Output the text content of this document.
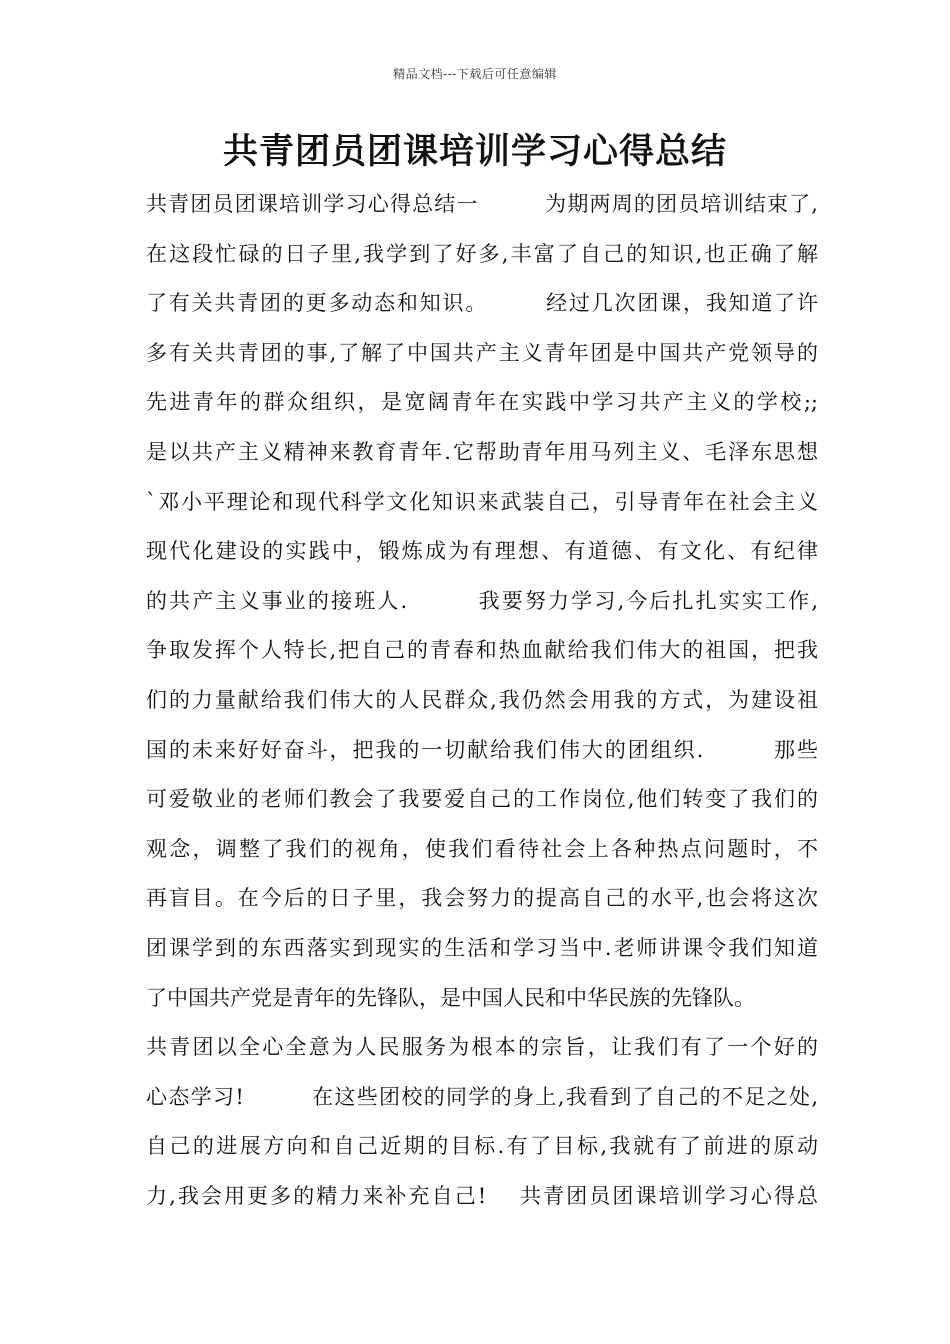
精品文档---下载后可任意编辑
共青团员团课培训学习心得总结
共青团员团课培训学习心得总结一　　　为期两周的团员培训结束了,
在这段忙碌的日子里,我学到了好多,丰富了自己的知识,也正确了解
了有关共青团的更多动态和知识。　　　经过几次团课，我知道了许
多有关共青团的事,了解了中国共产主义青年团是中国共产党领导的
先进青年的群众组织，是宽阔青年在实践中学习共产主义的学校;;
是以共产主义精神来教育青年.它帮助青年用马列主义、毛泽东思想
`邓小平理论和现代科学文化知识来武装自己，引导青年在社会主义
现代化建设的实践中，锻炼成为有理想、有道德、有文化、有纪律
的共产主义事业的接班人.　　　我要努力学习,今后扎扎实实工作,
争取发挥个人特长,把自己的青春和热血献给我们伟大的祖国，把我
们的力量献给我们伟大的人民群众,我仍然会用我的方式，为建设祖
国的未来好好奋斗，把我的一切献给我们伟大的团组织.　　　那些
可爱敬业的老师们教会了我要爱自己的工作岗位,他们转变了我们的
观念，调整了我们的视角，使我们看待社会上各种热点问题时，不
再盲目。在今后的日子里，我会努力的提高自己的水平,也会将这次
团课学到的东西落实到现实的生活和学习当中.老师讲课令我们知道
了中国共产党是青年的先锋队，是中国人民和中华民族的先锋队。
共青团以全心全意为人民服务为根本的宗旨，让我们有了一个好的
心态学习!　　　在这些团校的同学的身上,我看到了自己的不足之处,
自己的进展方向和自己近期的目标.有了目标,我就有了前进的原动
力,我会用更多的精力来补充自己!　 共青团员团课培训学习心得总
